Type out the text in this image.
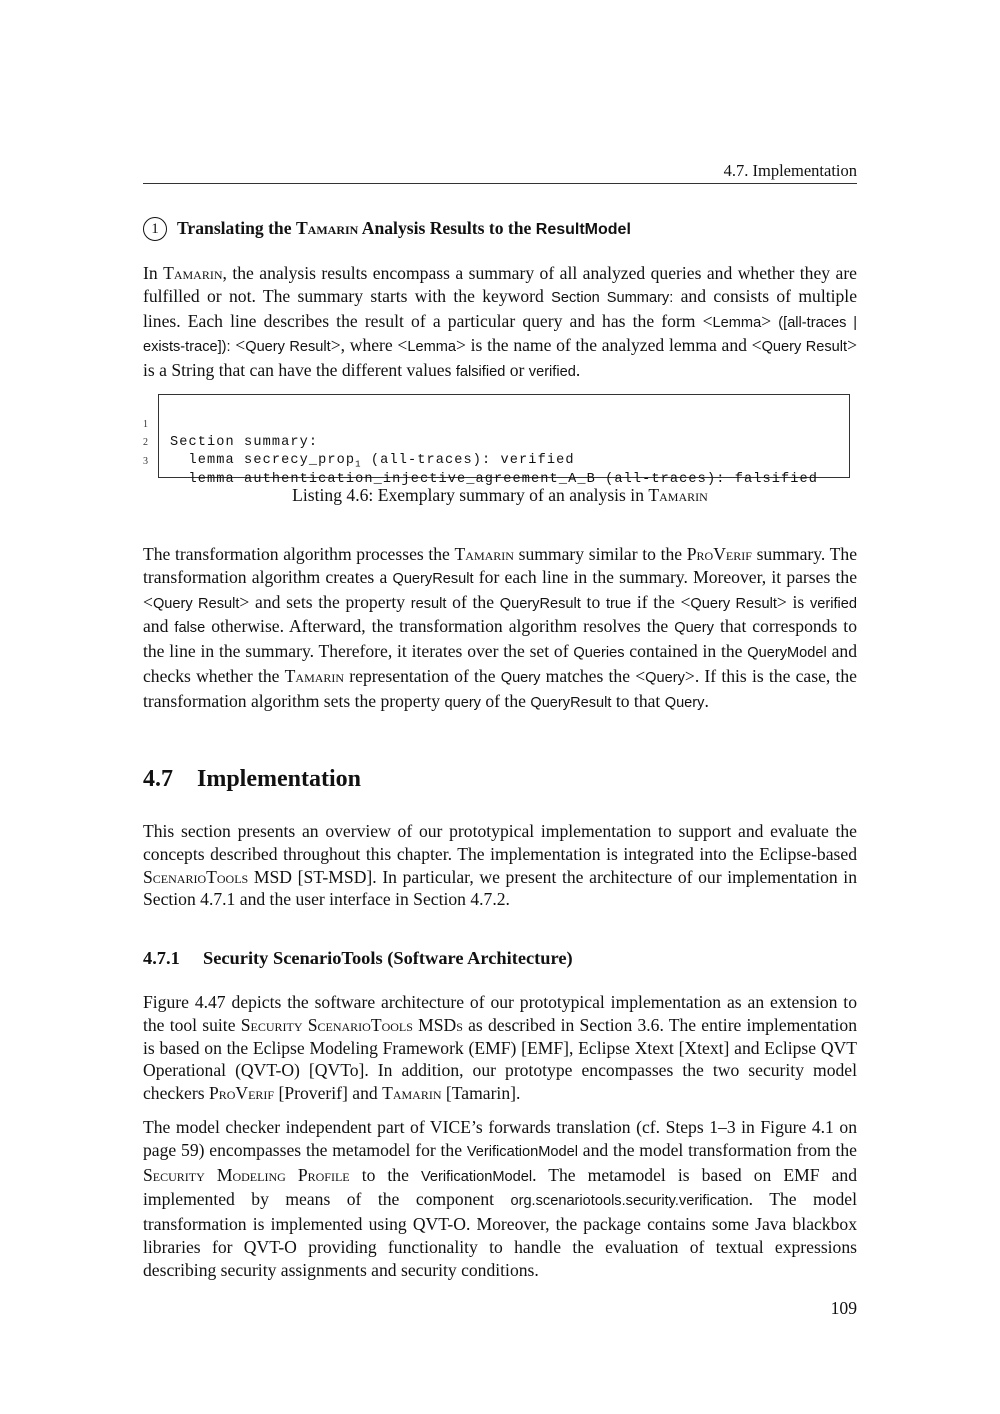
4.7. Implementation
1	Translating the Tamarin Analysis Results to the ResultModel

In Tamarin, the analysis results encompass a summary of all analyzed queries and whether they are fulfilled or not. The summary starts with the keyword Section Summary: and consists of multiple lines. Each line describes the result of a particular query and has the form <Lemma> ([all-traces | exists-trace]): <Query Result>, where <Lemma> is the name of the analyzed lemma and <Query Result> is a String that can have the different values falsified or verified.

1

Section summary:

2

lemma secrecy_prop$_1$ (all-traces): verified

3

lemma authentication_injective_agreement_A_B (all-traces): falsified

Listing 4.6: Exemplary summary of an analysis in Tamarin

The transformation algorithm processes the Tamarin summary similar to the ProVerif summary. The transformation algorithm creates a QueryResult for each line in the summary. Moreover, it parses the <Query Result> and sets the property result of the QueryResult to true if the <Query Result> is verified and false otherwise. Afterward, the transformation algorithm resolves the Query that corresponds to the line in the summary. Therefore, it iterates over the set of Queries contained in the QueryModel and checks whether the Tamarin representation of the Query matches the <Query>. If this is the case, the transformation algorithm sets the property query of the QueryResult to that Query.

4.7 Implementation

This section presents an overview of our prototypical implementation to support and evaluate the concepts described throughout this chapter. The implementation is integrated into the Eclipse-based ScenarioTools MSD [ST-MSD]. In particular, we present the architecture of our implementation in Section 4.7.1 and the user interface in Section 4.7.2.

4.7.1 Security ScenarioTools (Software Architecture)

Figure 4.47 depicts the software architecture of our prototypical implementation as an extension to the tool suite Security ScenarioTools MSDs as described in Section 3.6. The entire implementation is based on the Eclipse Modeling Framework (EMF) [EMF], Eclipse Xtext [Xtext] and Eclipse QVT Operational (QVT-O) [QVTo]. In addition, our prototype encompasses the two security model checkers ProVerif [Proverif] and Tamarin [Tamarin].

The model checker independent part of VICE’s forwards translation (cf. Steps 1–3 in Figure 4.1 on page 59) encompasses the metamodel for the VerificationModel and the model transformation from the Security Modeling Profile to the VerificationModel. The metamodel is based on EMF and implemented by means of the component org.scenariotools.security.verification. The model transformation is implemented using QVT-O. Moreover, the package contains some Java blackbox libraries for QVT-O providing functionality to handle the evaluation of textual expressions describing security assignments and security conditions.

109
